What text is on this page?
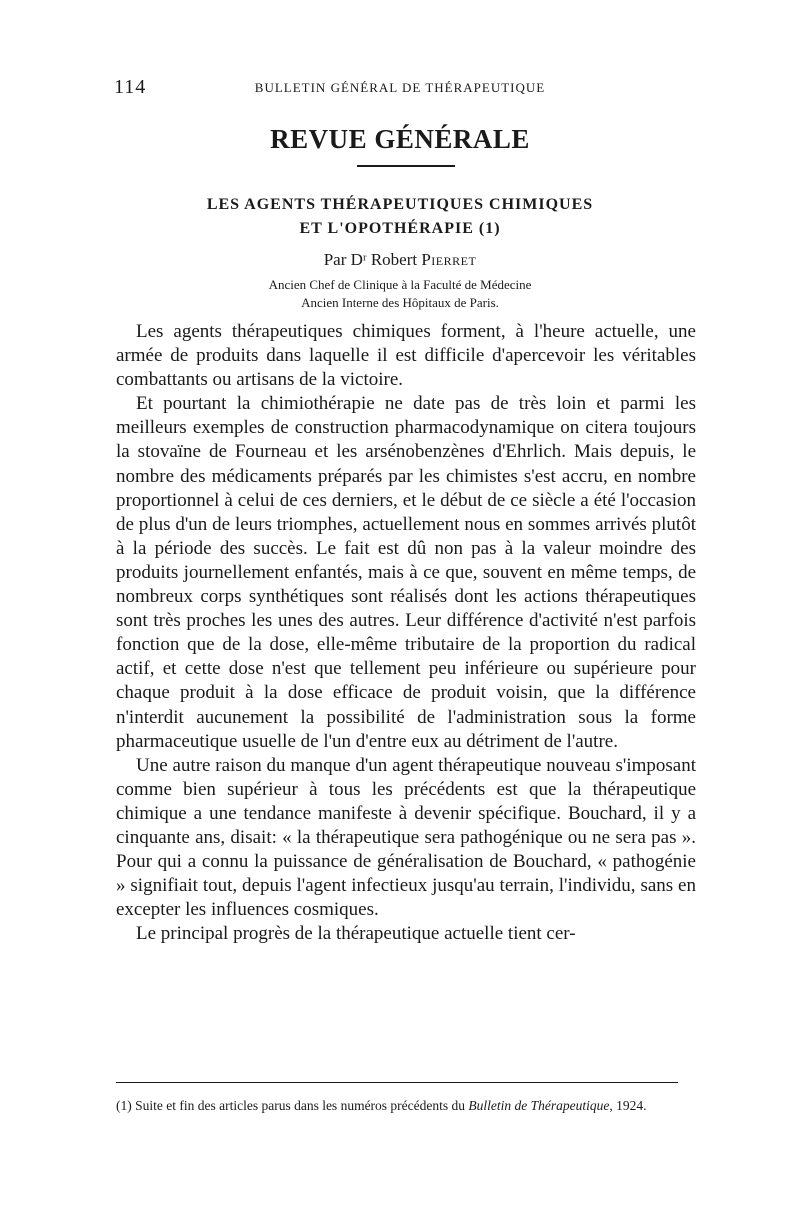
114	BULLETIN GÉNÉRAL DE THÉRAPEUTIQUE
REVUE GÉNÉRALE
LES AGENTS THÉRAPEUTIQUES CHIMIQUES
ET L'OPOTHÉRAPIE (1)
Par Dʳ Robert Pierret
Ancien Chef de Clinique à la Faculté de Médecine
Ancien Interne des Hôpitaux de Paris.

Les agents thérapeutiques chimiques forment, à l'heure actuelle, une armée de produits dans laquelle il est difficile d'apercevoir les véritables combattants ou artisans de la victoire.

Et pourtant la chimiothérapie ne date pas de très loin et parmi les meilleurs exemples de construction pharmacodynamique on citera toujours la stovaïne de Fourneau et les arsénobenzènes d'Ehrlich. Mais depuis, le nombre des médicaments préparés par les chimistes s'est accru, en nombre proportionnel à celui de ces derniers, et le début de ce siècle a été l'occasion de plus d'un de leurs triomphes, actuellement nous en sommes arrivés plutôt à la période des succès. Le fait est dû non pas à la valeur moindre des produits journellement enfantés, mais à ce que, souvent en même temps, de nombreux corps synthétiques sont réalisés dont les actions thérapeutiques sont très proches les unes des autres. Leur différence d'activité n'est parfois fonction que de la dose, elle-même tributaire de la proportion du radical actif, et cette dose n'est que tellement peu inférieure ou supérieure pour chaque produit à la dose efficace de produit voisin, que la différence n'interdit aucunement la possibilité de l'administration sous la forme pharmaceutique usuelle de l'un d'entre eux au détriment de l'autre.

Une autre raison du manque d'un agent thérapeutique nouveau s'imposant comme bien supérieur à tous les précédents est que la thérapeutique chimique a une tendance manifeste à devenir spécifique. Bouchard, il y a cinquante ans, disait: « la thérapeutique sera pathogénique ou ne sera pas ». Pour qui a connu la puissance de généralisation de Bouchard, « pathogénie » signifiait tout, depuis l'agent infectieux jusqu'au terrain, l'individu, sans en excepter les influences cosmiques.

Le principal progrès de la thérapeutique actuelle tient cer-

(1) Suite et fin des articles parus dans les numéros précédents du Bulletin de Thérapeutique, 1924.
